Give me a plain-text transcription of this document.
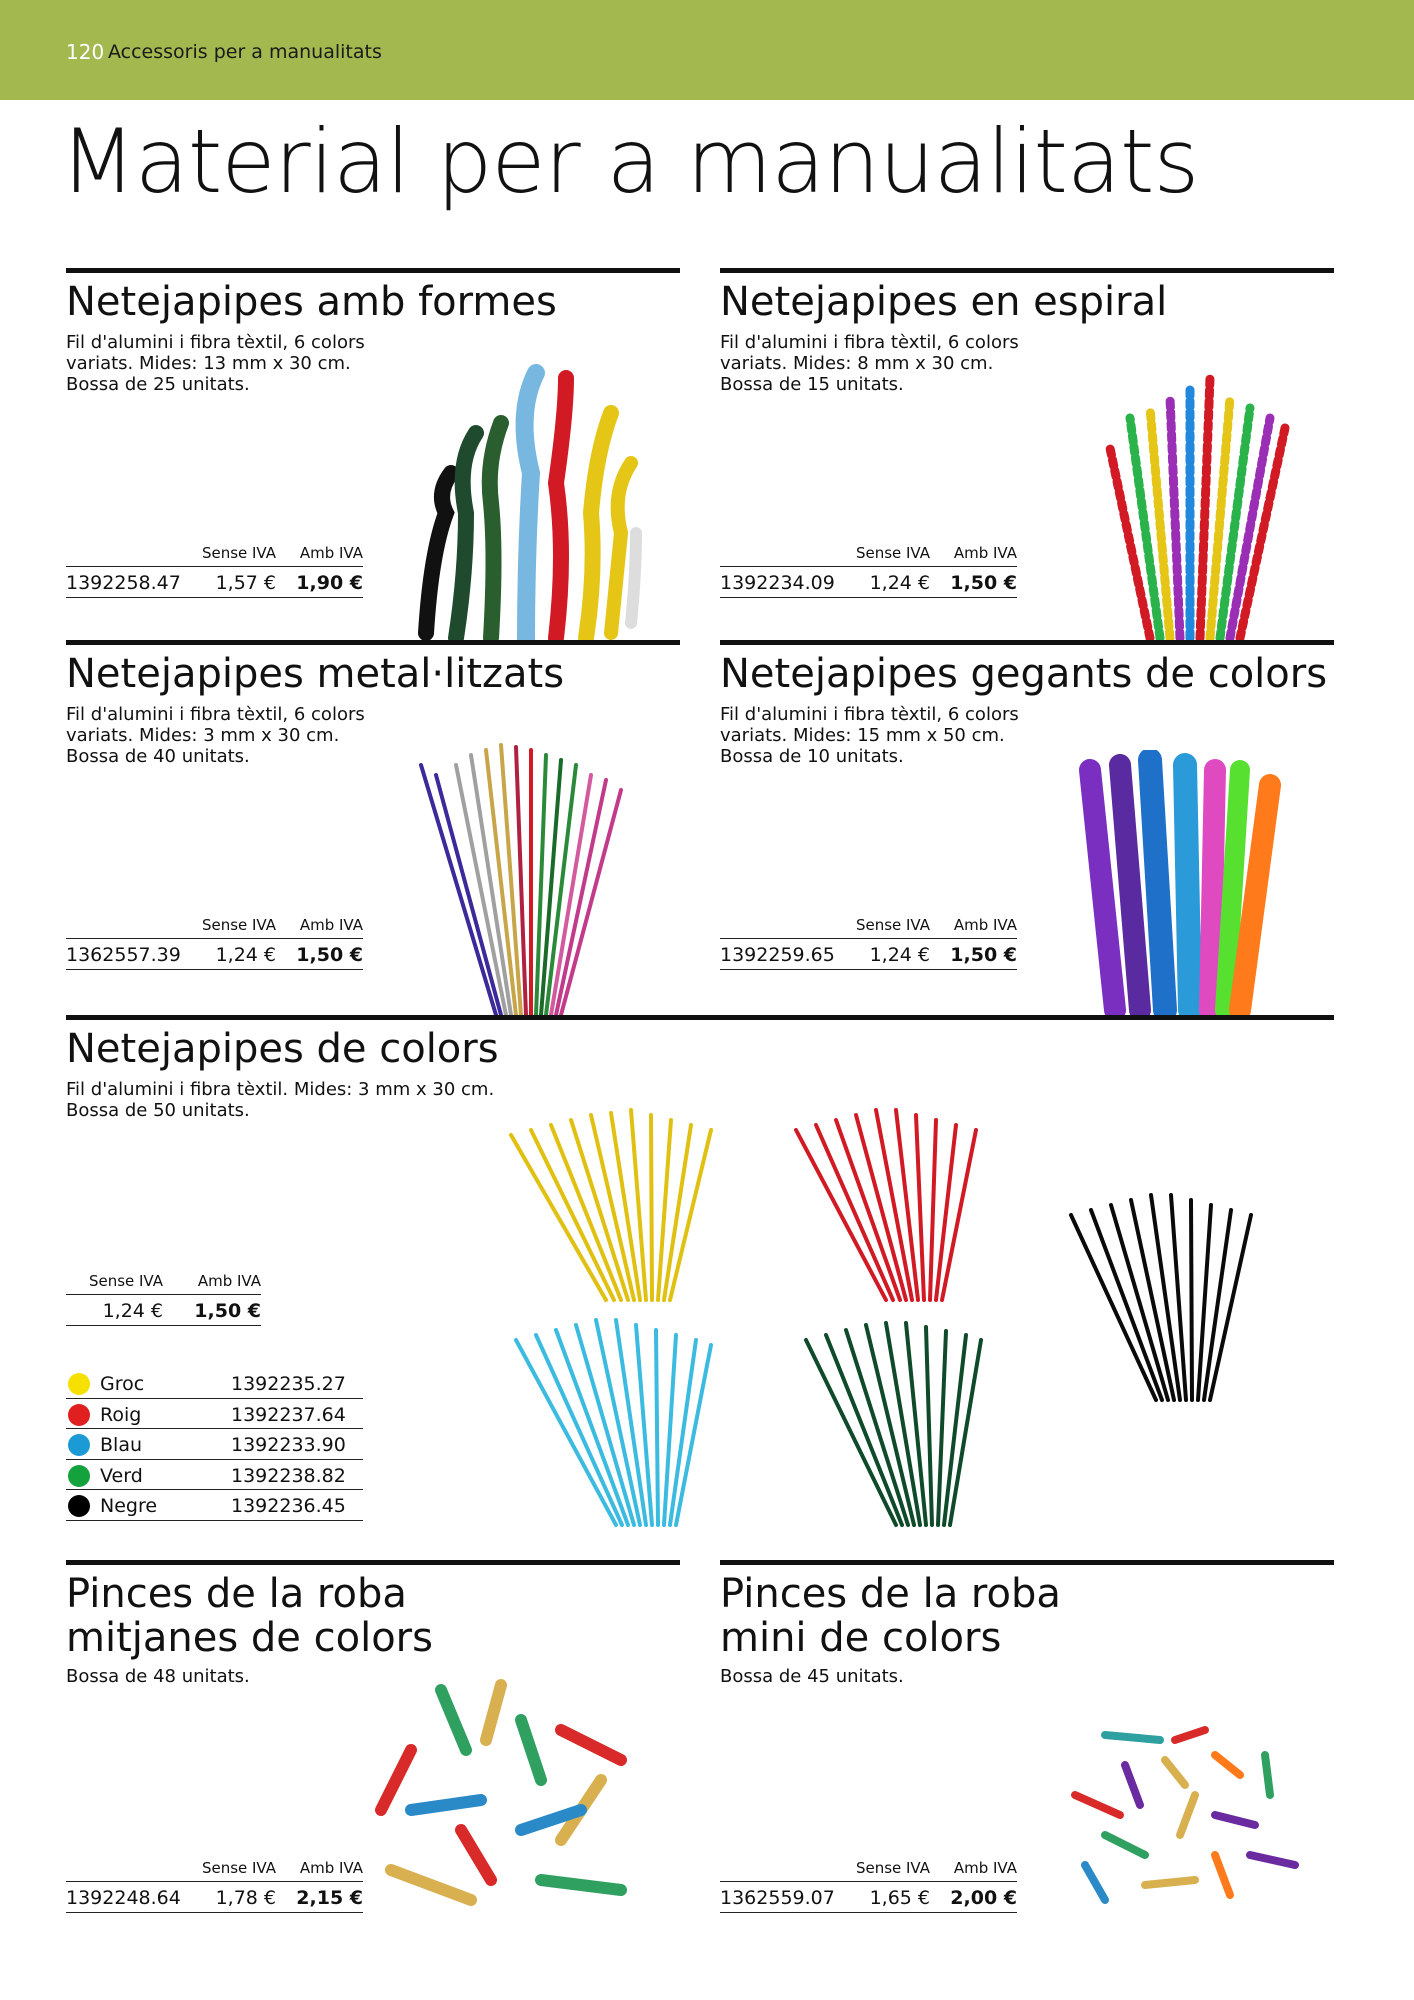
120 Accessoris per a manualitats
Material per a manualitats
Netejapipes amb formes
Fil d'alumini i fibra tèxtil, 6 colors
variats. Mides: 13 mm x 30 cm.
Bossa de 25 unitats.
Sense IVA Amb IVA
1392258.47 1,57 € 1,90 €
Netejapipes en espiral
Fil d'alumini i fibra tèxtil, 6 colors
variats. Mides: 8 mm x 30 cm.
Bossa de 15 unitats.
Sense IVA Amb IVA
1392234.09 1,24 € 1,50 €
Netejapipes metal·litzats
Fil d'alumini i fibra tèxtil, 6 colors
variats. Mides: 3 mm x 30 cm.
Bossa de 40 unitats.
Sense IVA Amb IVA
1362557.39 1,24 € 1,50 €
Netejapipes gegants de colors
Fil d'alumini i fibra tèxtil, 6 colors
variats. Mides: 15 mm x 50 cm.
Bossa de 10 unitats.
Sense IVA Amb IVA
1392259.65 1,24 € 1,50 €
Netejapipes de colors
Fil d'alumini i fibra tèxtil. Mides: 3 mm x 30 cm.
Bossa de 50 unitats.
Sense IVA Amb IVA
1,24 € 1,50 €
Groc	1392235.27
Roig	1392237.64
Blau	1392233.90
Verd	1392238.82
Negre	1392236.45
Pinces de la roba
mitjanes de colors
Bossa de 48 unitats.
Sense IVA Amb IVA
1392248.64 1,78 € 2,15 €
Pinces de la roba
mini de colors
Bossa de 45 unitats.
Sense IVA Amb IVA
1362559.07 1,65 € 2,00 €
